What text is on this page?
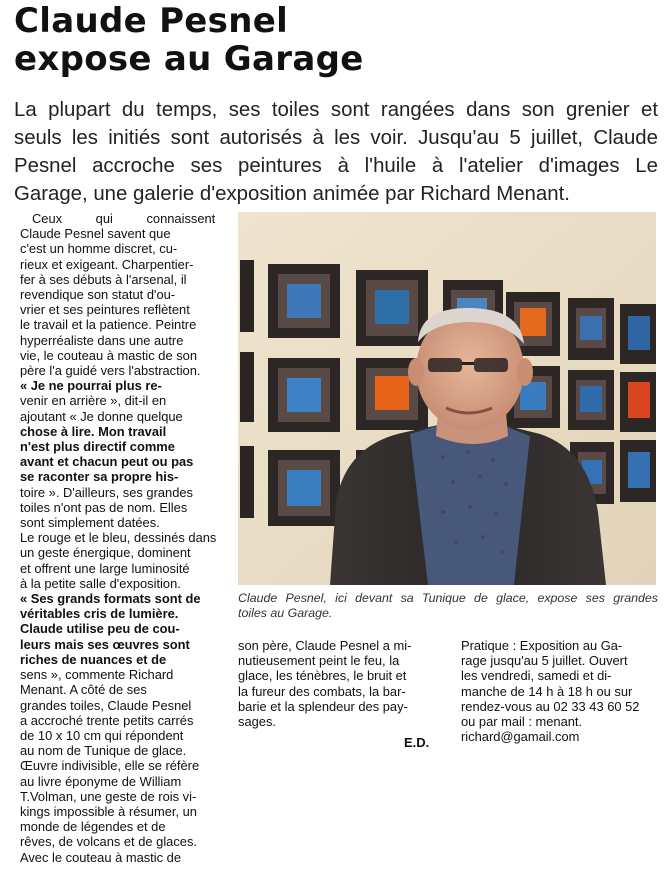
Claude Pesnel
expose au Garage
La plupart du temps, ses toiles sont rangées dans son grenier et
seuls les initiés sont autorisés à les voir. Jusqu'au 5 juillet, Claude
Pesnel accroche ses peintures à l'huile à l'atelier d'images Le
Garage, une galerie d'exposition animée par Richard Menant.
Ceux qui connaissent
Claude Pesnel savent que
c'est un homme discret, cu-
rieux et exigeant. Charpentier-
fer à ses débuts à l'arsenal, il
revendique son statut d'ou-
vrier et ses peintures reflètent
le travail et la patience. Peintre
hyperréaliste dans une autre
vie, le couteau à mastic de son
père l'a guidé vers l'abstraction.
« Je ne pourrai plus re-
venir en arrière », dit-il en
ajoutant « Je donne quelque
chose à lire. Mon travail
n'est plus directif comme
avant et chacun peut ou pas
se raconter sa propre his-
toire ». D'ailleurs, ses grandes
toiles n'ont pas de nom. Elles
sont simplement datées.
Le rouge et le bleu, dessinés dans
un geste énergique, dominent
et offrent une large luminosité
à la petite salle d'exposition.
« Ses grands formats sont de
véritables cris de lumière.
Claude utilise peu de cou-
leurs mais ses œuvres sont
riches de nuances et de
sens », commente Richard
Menant. A côté de ses
grandes toiles, Claude Pesnel
a accroché trente petits carrés
de 10 x 10 cm qui répondent
au nom de Tunique de glace.
Œuvre indivisible, elle se réfère
au livre éponyme de William
T.Volman, une geste de rois vi-
kings impossible à résumer, un
monde de légendes et de
rêves, de volcans et de glaces.
Avec le couteau à mastic de
Claude Pesnel, ici devant sa Tunique de glace, expose ses grandes
toiles au Garage.
son père, Claude Pesnel a mi-
nutieusement peint le feu, la
glace, les ténèbres, le bruit et
la fureur des combats, la bar-
barie et la splendeur des pay-
sages.
E.D.
Pratique : Exposition au Ga-
rage jusqu'au 5 juillet. Ouvert
les vendredi, samedi et di-
manche de 14 h à 18 h ou sur
rendez-vous au 02 33 43 60 52
ou par mail : menant.
richard@gamail.com
